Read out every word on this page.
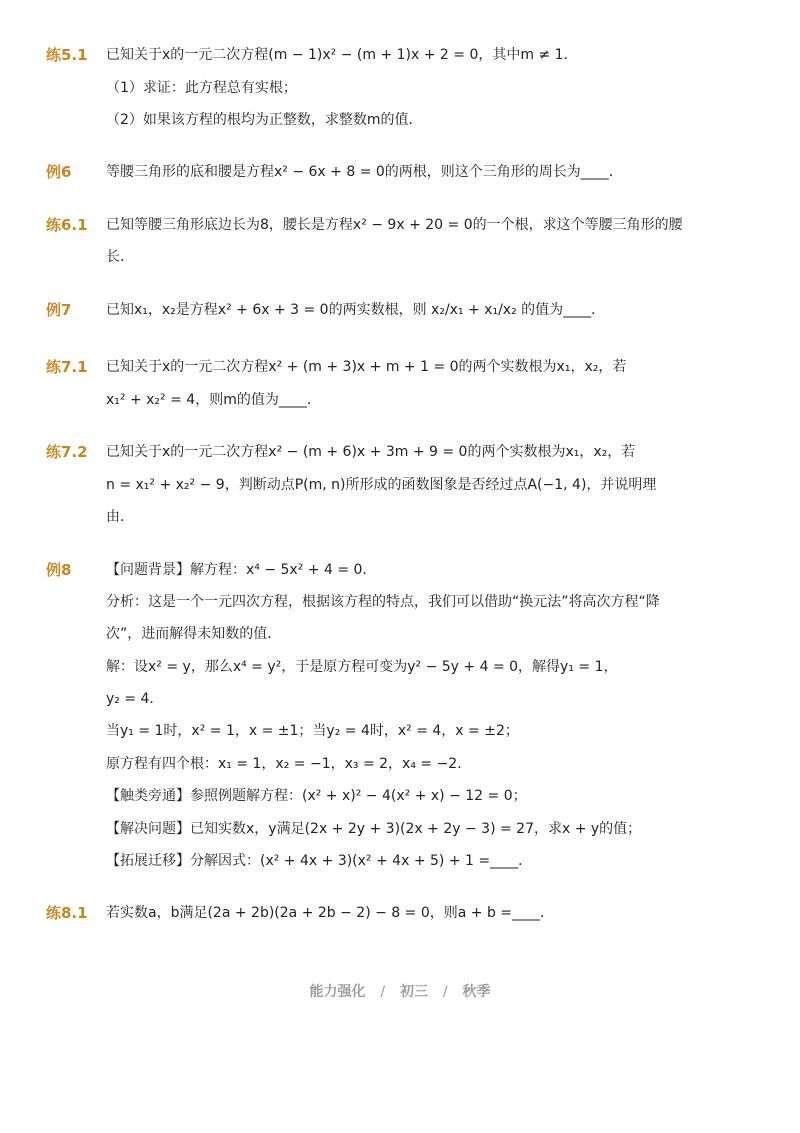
练5.1 已知关于x的一元二次方程(m − 1)x² − (m + 1)x + 2 = 0，其中m ≠ 1．
（1）求证：此方程总有实根；
（2）如果该方程的根均为正整数，求整数m的值．
例6 等腰三角形的底和腰是方程x² − 6x + 8 = 0的两根，则这个三角形的周长为____．
练6.1 已知等腰三角形底边长为8，腰长是方程x² − 9x + 20 = 0的一个根，求这个等腰三角形的腰
长．
例7 已知x₁，x₂是方程x² + 6x + 3 = 0的两实数根，则 x₂/x₁ + x₁/x₂ 的值为____．
练7.1 已知关于x的一元二次方程x² + (m + 3)x + m + 1 = 0的两个实数根为x₁，x₂，若
x₁² + x₂² = 4，则m的值为____．
练7.2 已知关于x的一元二次方程x² − (m + 6)x + 3m + 9 = 0的两个实数根为x₁，x₂，若
n = x₁² + x₂² − 9，判断动点P(m, n)所形成的函数图象是否经过点A(−1, 4)，并说明理
由．
例8 【问题背景】解方程：x⁴ − 5x² + 4 = 0．
分析：这是一个一元四次方程，根据该方程的特点，我们可以借助“换元法”将高次方程“降
次”，进而解得未知数的值．
解：设x² = y，那么x⁴ = y²，于是原方程可变为y² − 5y + 4 = 0，解得y₁ = 1，
y₂ = 4．
当y₁ = 1时，x² = 1，x = ±1；当y₂ = 4时，x² = 4，x = ±2；
原方程有四个根：x₁ = 1，x₂ = −1，x₃ = 2，x₄ = −2．
【触类旁通】参照例题解方程：(x² + x)² − 4(x² + x) − 12 = 0；
【解决问题】已知实数x，y满足(2x + 2y + 3)(2x + 2y − 3) = 27，求x + y的值；
【拓展迁移】分解因式：(x² + 4x + 3)(x² + 4x + 5) + 1 =____．
练8.1 若实数a，b满足(2a + 2b)(2a + 2b − 2) − 8 = 0，则a + b =____．
能力强化 / 初三 / 秋季
